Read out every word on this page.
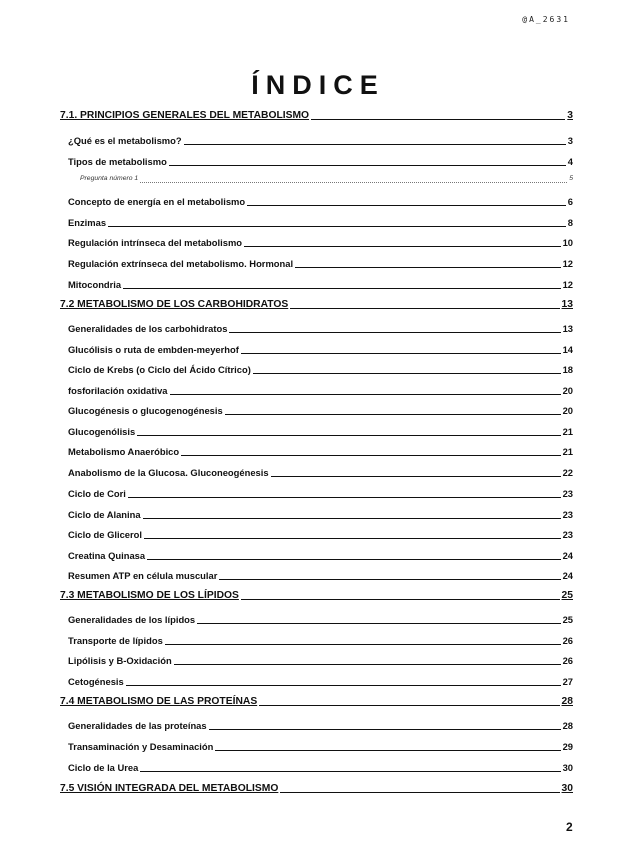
@A_2631
ÍNDICE
7.1. PRINCIPIOS GENERALES DEL METABOLISMO	3
¿Qué es el metabolismo?	3
Tipos de metabolismo	4
Pregunta número 1	5
Concepto de energía en el metabolismo	6
Enzimas	8
Regulación intrínseca del metabolismo	10
Regulación extrínseca del metabolismo. Hormonal	12
Mitocondria	12
7.2 METABOLISMO DE LOS CARBOHIDRATOS	13
Generalidades de los carbohidratos	13
Glucólisis o ruta de embden-meyerhof	14
Ciclo de Krebs (o Ciclo del Ácido Cítrico)	18
fosforilación oxidativa	20
Glucogénesis o glucogenogénesis	20
Glucogenólisis	21
Metabolismo Anaeróbico	21
Anabolismo de la Glucosa. Gluconeogénesis	22
Ciclo de Cori	23
Ciclo de Alanina	23
Ciclo de Glicerol	23
Creatina Quinasa	24
Resumen ATP en célula muscular	24
7.3 METABOLISMO DE LOS LÍPIDOS	25
Generalidades de los lípidos	25
Transporte de lípidos	26
Lipólisis y B-Oxidación	26
Cetogénesis	27
7.4 METABOLISMO DE LAS PROTEÍNAS	28
Generalidades de las proteínas	28
Transaminación y Desaminación	29
Ciclo de la Urea	30
7.5 VISIÓN INTEGRADA DEL METABOLISMO	30
2
